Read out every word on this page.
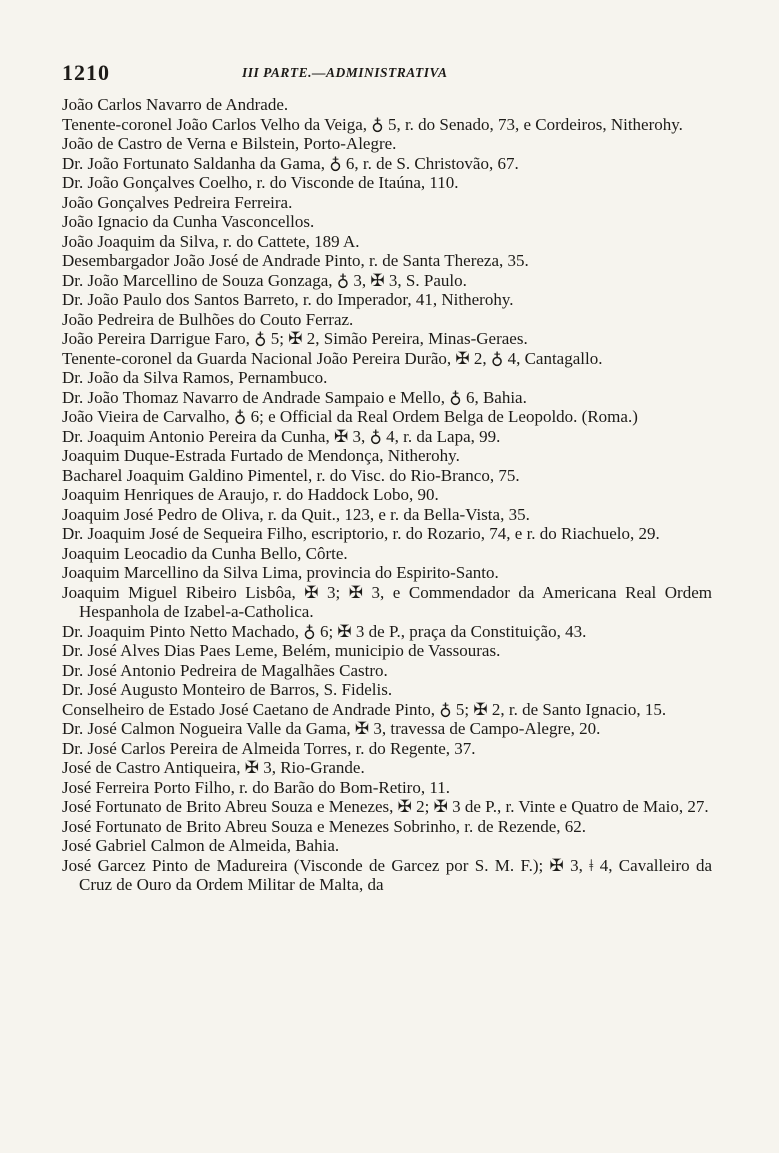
1210	III PARTE.—ADMINISTRATIVA

João Carlos Navarro de Andrade.

Tenente-coronel João Carlos Velho da Veiga, ♁ 5, r. do Senado, 73, e Cordeiros, Nitherohy.

João de Castro de Verna e Bilstein, Porto-Alegre.

Dr. João Fortunato Saldanha da Gama, ♁ 6, r. de S. Christovão, 67.

Dr. João Gonçalves Coelho, r. do Visconde de Itaúna, 110.

João Gonçalves Pedreira Ferreira.

João Ignacio da Cunha Vasconcellos.

João Joaquim da Silva, r. do Cattete, 189 A.

Desembargador João José de Andrade Pinto, r. de Santa Thereza, 35.

Dr. João Marcellino de Souza Gonzaga, ♁ 3, ✠ 3, S. Paulo.

Dr. João Paulo dos Santos Barreto, r. do Imperador, 41, Nitherohy.

João Pedreira de Bulhões do Couto Ferraz.

João Pereira Darrigue Faro, ♁ 5; ✠ 2, Simão Pereira, Minas-Geraes.

Tenente-coronel da Guarda Nacional João Pereira Durão, ✠ 2, ♁ 4, Cantagallo.

Dr. João da Silva Ramos, Pernambuco.

Dr. João Thomaz Navarro de Andrade Sampaio e Mello, ♁ 6, Bahia.

João Vieira de Carvalho, ♁ 6; e Official da Real Ordem Belga de Leopoldo. (Roma.)

Dr. Joaquim Antonio Pereira da Cunha, ✠ 3, ♁ 4, r. da Lapa, 99.

Joaquim Duque-Estrada Furtado de Mendonça, Nitherohy.

Bacharel Joaquim Galdino Pimentel, r. do Visc. do Rio-Branco, 75.

Joaquim Henriques de Araujo, r. do Haddock Lobo, 90.

Joaquim José Pedro de Oliva, r. da Quit., 123, e r. da Bella-Vista, 35.

Dr. Joaquim José de Sequeira Filho, escriptorio, r. do Rozario, 74, e r. do Riachuelo, 29.

Joaquim Leocadio da Cunha Bello, Côrte.

Joaquim Marcellino da Silva Lima, provincia do Espirito-Santo.

Joaquim Miguel Ribeiro Lisbôa, ✠ 3; ✠ 3, e Commendador da Americana Real Ordem Hespanhola de Izabel-a-Catholica.

Dr. Joaquim Pinto Netto Machado, ♁ 6; ✠ 3 de P., praça da Constituição, 43.

Dr. José Alves Dias Paes Leme, Belém, municipio de Vassouras.

Dr. José Antonio Pedreira de Magalhães Castro.

Dr. José Augusto Monteiro de Barros, S. Fidelis.

Conselheiro de Estado José Caetano de Andrade Pinto, ♁ 5; ✠ 2, r. de Santo Ignacio, 15.

Dr. José Calmon Nogueira Valle da Gama, ✠ 3, travessa de Campo-Alegre, 20.

Dr. José Carlos Pereira de Almeida Torres, r. do Regente, 37.

José de Castro Antiqueira, ✠ 3, Rio-Grande.

José Ferreira Porto Filho, r. do Barão do Bom-Retiro, 11.

José Fortunato de Brito Abreu Souza e Menezes, ✠ 2; ✠ 3 de P., r. Vinte e Quatro de Maio, 27.

José Fortunato de Brito Abreu Souza e Menezes Sobrinho, r. de Rezende, 62.

José Gabriel Calmon de Almeida, Bahia.

José Garcez Pinto de Madureira (Visconde de Garcez por S. M. F.); ✠ 3, ǂ 4, Cavalleiro da Cruz de Ouro da Ordem Militar de Malta, da
